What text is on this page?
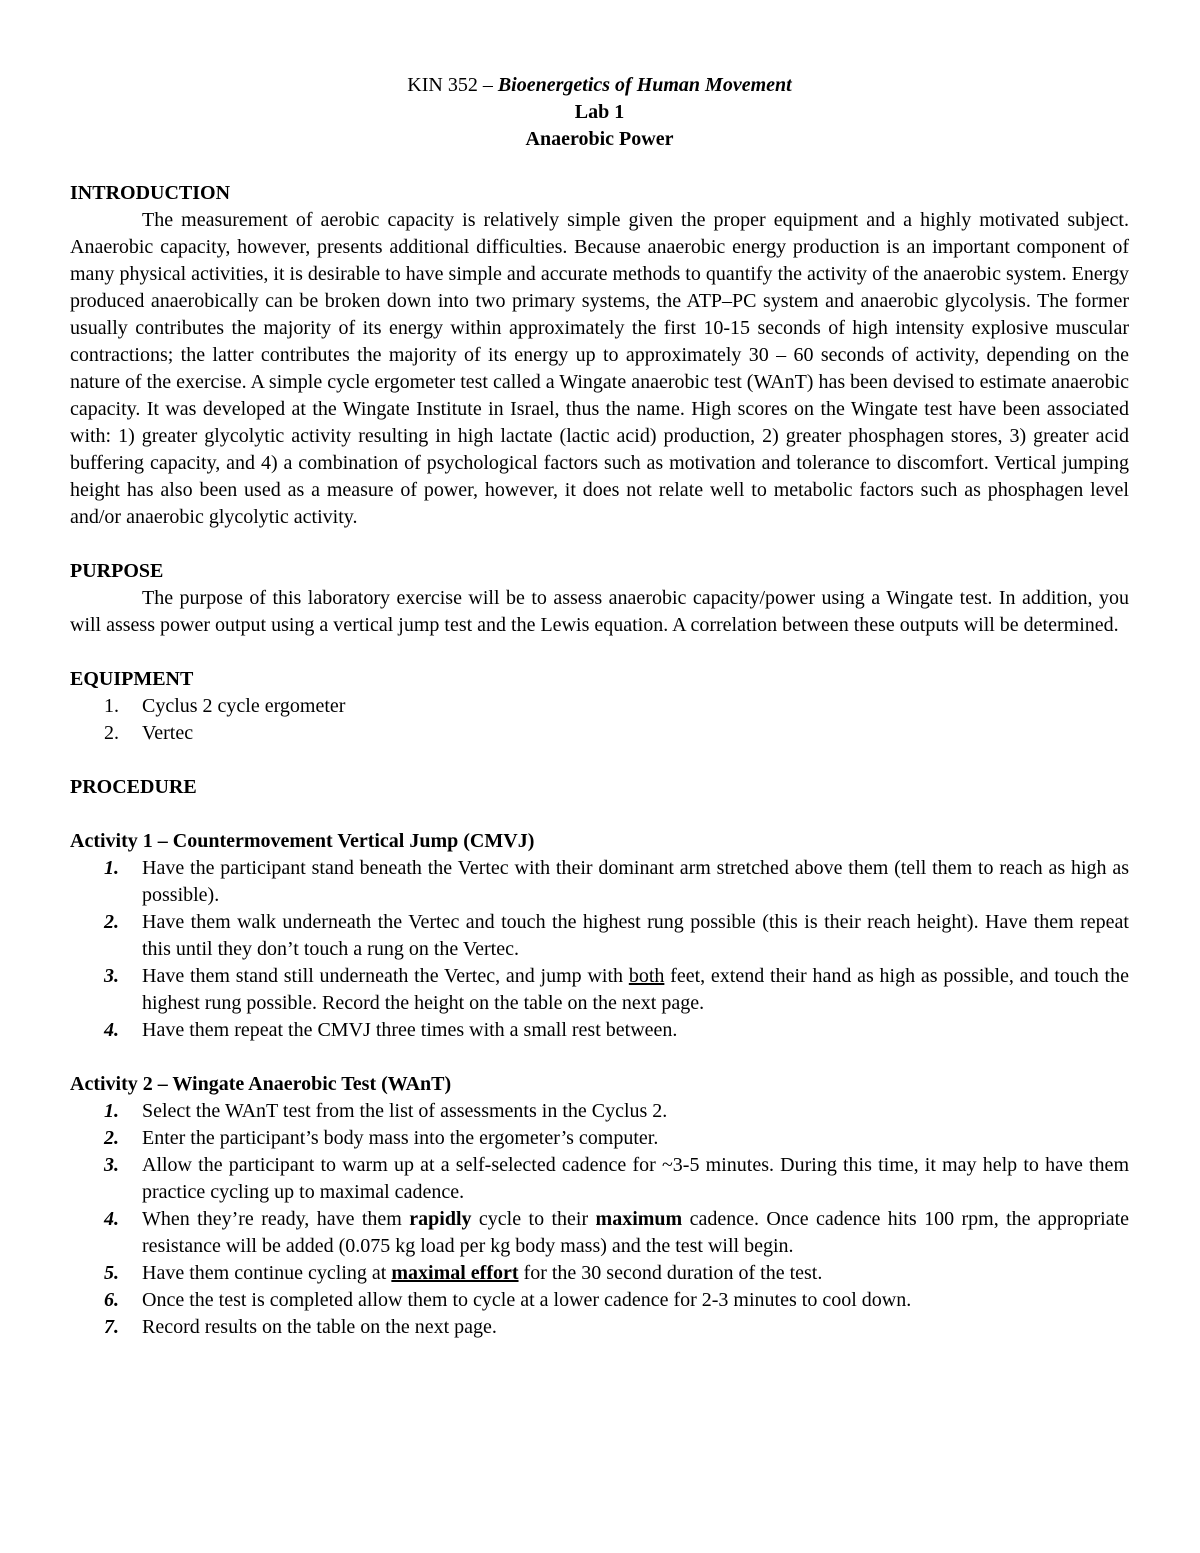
KIN 352 – Bioenergetics of Human Movement
Lab 1
Anaerobic Power
INTRODUCTION

The measurement of aerobic capacity is relatively simple given the proper equipment and a highly motivated subject. Anaerobic capacity, however, presents additional difficulties. Because anaerobic energy production is an important component of many physical activities, it is desirable to have simple and accurate methods to quantify the activity of the anaerobic system. Energy produced anaerobically can be broken down into two primary systems, the ATP–PC system and anaerobic glycolysis. The former usually contributes the majority of its energy within approximately the first 10-15 seconds of high intensity explosive muscular contractions; the latter contributes the majority of its energy up to approximately 30 – 60 seconds of activity, depending on the nature of the exercise. A simple cycle ergometer test called a Wingate anaerobic test (WAnT) has been devised to estimate anaerobic capacity. It was developed at the Wingate Institute in Israel, thus the name. High scores on the Wingate test have been associated with: 1) greater glycolytic activity resulting in high lactate (lactic acid) production, 2) greater phosphagen stores, 3) greater acid buffering capacity, and 4) a combination of psychological factors such as motivation and tolerance to discomfort. Vertical jumping height has also been used as a measure of power, however, it does not relate well to metabolic factors such as phosphagen level and/or anaerobic glycolytic activity.

PURPOSE

The purpose of this laboratory exercise will be to assess anaerobic capacity/power using a Wingate test. In addition, you will assess power output using a vertical jump test and the Lewis equation. A correlation between these outputs will be determined.

EQUIPMENT
1.	Cyclus 2 cycle ergometer
2.	Vertec
PROCEDURE
Activity 1 – Countermovement Vertical Jump (CMVJ)
1.	Have the participant stand beneath the Vertec with their dominant arm stretched above them (tell them to reach as high as possible).
2.	Have them walk underneath the Vertec and touch the highest rung possible (this is their reach height). Have them repeat this until they don’t touch a rung on the Vertec.
3.	Have them stand still underneath the Vertec, and jump with both feet, extend their hand as high as possible, and touch the highest rung possible. Record the height on the table on the next page.
4.	Have them repeat the CMVJ three times with a small rest between.
Activity 2 – Wingate Anaerobic Test (WAnT)
1.	Select the WAnT test from the list of assessments in the Cyclus 2.
2.	Enter the participant’s body mass into the ergometer’s computer.
3.	Allow the participant to warm up at a self-selected cadence for ~3-5 minutes. During this time, it may help to have them practice cycling up to maximal cadence.
4.	When they’re ready, have them rapidly cycle to their maximum cadence. Once cadence hits 100 rpm, the appropriate resistance will be added (0.075 kg load per kg body mass) and the test will begin.
5.	Have them continue cycling at maximal effort for the 30 second duration of the test.
6.	Once the test is completed allow them to cycle at a lower cadence for 2-3 minutes to cool down.
7.	Record results on the table on the next page.
